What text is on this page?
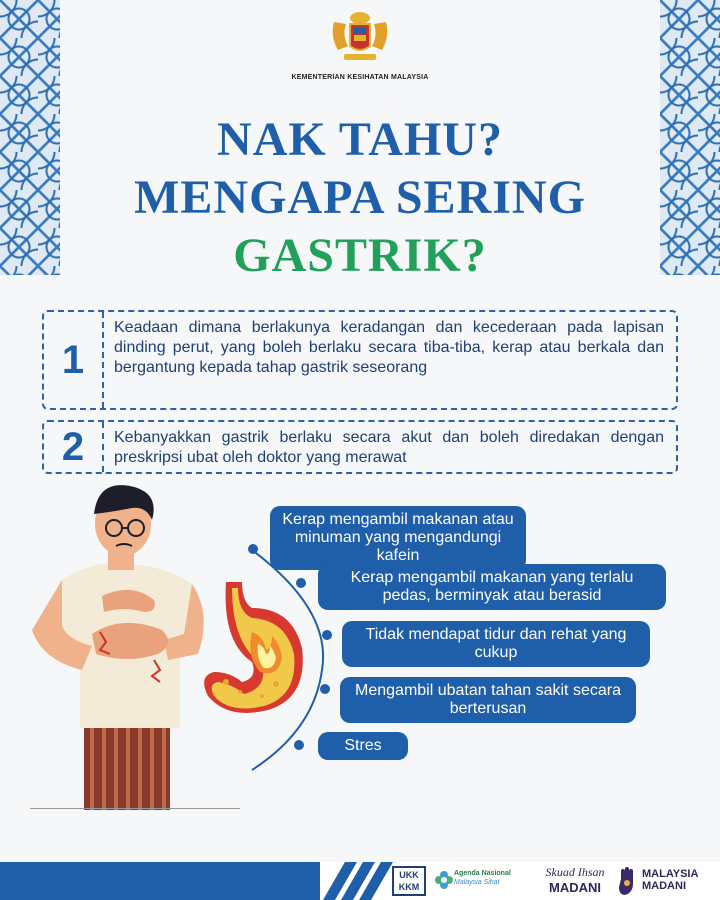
KEMENTERIAN KESIHATAN MALAYSIA
NAK TAHU?
MENGAPA SERING
GASTRIK?
1
Keadaan dimana berlakunya keradangan dan kecederaan pada lapisan dinding perut, yang boleh berlaku secara tiba-tiba, kerap atau berkala dan bergantung kepada tahap gastrik seseorang
2	Kebanyakkan gastrik berlaku secara akut dan boleh diredakan dengan preskripsi ubat oleh doktor yang merawat
Kerap mengambil makanan atau minuman yang mengandungi kafein
Kerap mengambil makanan yang terlalu pedas, berminyak atau berasid
Tidak mendapat tidur dan rehat yang cukup
Mengambil ubatan tahan sakit secara berterusan
Stres
UKK
KKM
Agenda Nasional
Malaysia Sihat
Skuad Ihsan
MADANI
MALAYSIA
MADANI
